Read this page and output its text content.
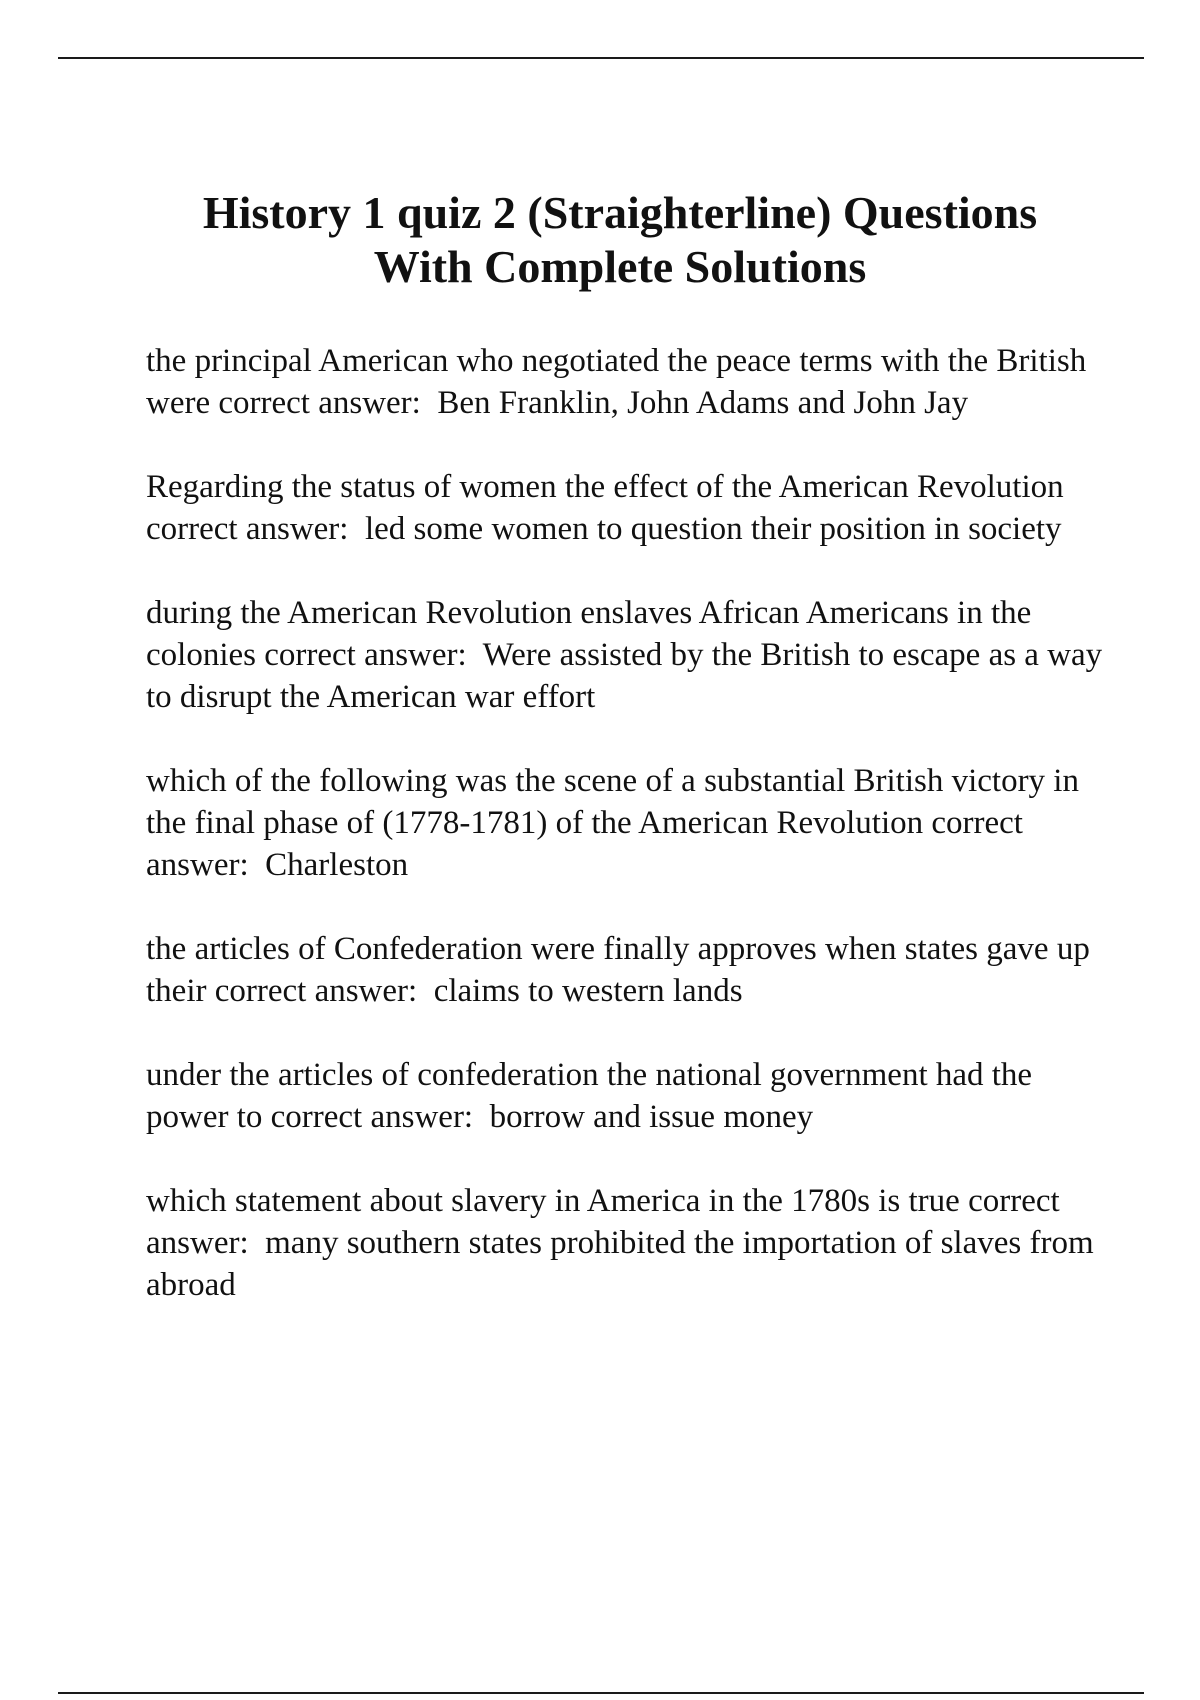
History 1 quiz 2 (Straighterline) Questions
With Complete Solutions

the principal American who negotiated the peace terms with the British were correct answer: Ben Franklin, John Adams and John Jay

Regarding the status of women the effect of the American Revolution correct answer: led some women to question their position in society

during the American Revolution enslaves African Americans in the colonies correct answer: Were assisted by the British to escape as a way to disrupt the American war effort

which of the following was the scene of a substantial British victory in the final phase of (1778-1781) of the American Revolution correct answer: Charleston

the articles of Confederation were finally approves when states gave up their correct answer: claims to western lands

under the articles of confederation the national government had the power to correct answer: borrow and issue money

which statement about slavery in America in the 1780s is true correct answer: many southern states prohibited the importation of slaves from abroad
